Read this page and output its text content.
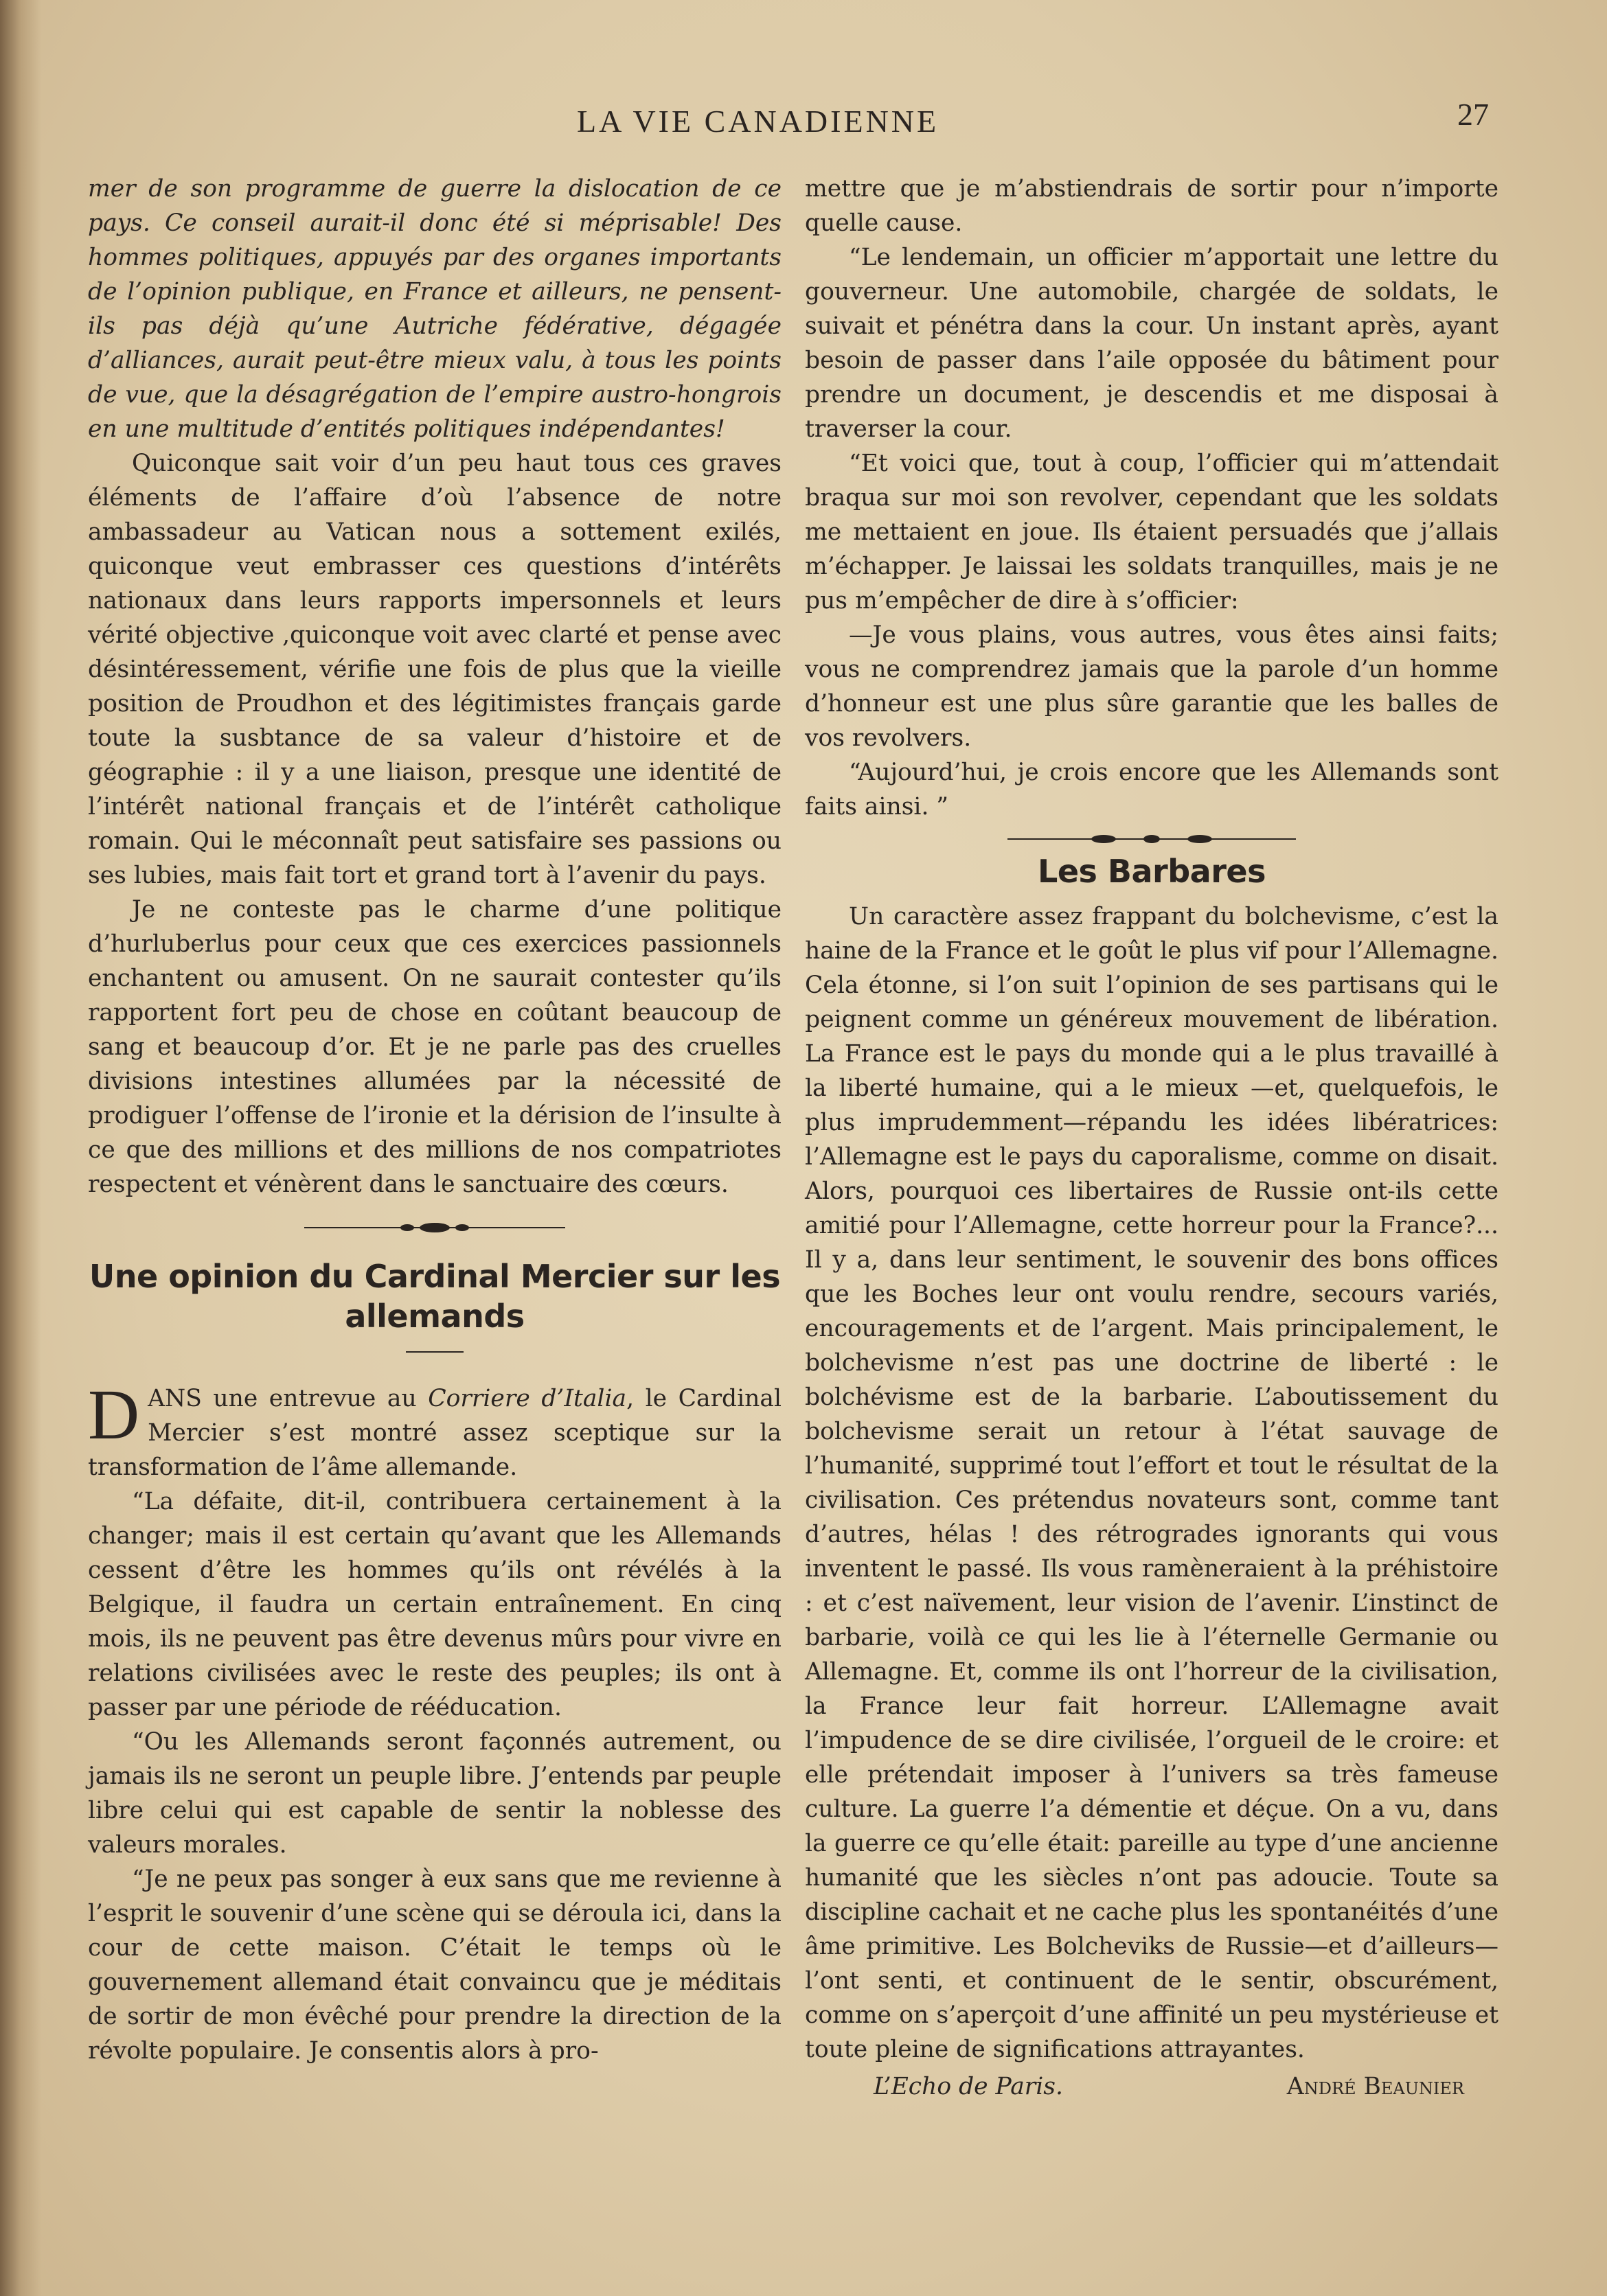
LA VIE CANADIENNE	27

mer de son programme de guerre la dislocation de ce pays. Ce conseil aurait-il donc été si méprisable! Des hommes politiques, appuyés par des organes importants de l’opinion publique, en France et ailleurs, ne pensent-ils pas déjà qu’une Autriche fédérative, dégagée d’alliances, aurait peut-être mieux valu, à tous les points de vue, que la désagrégation de l’empire austro-hongrois en une multitude d’entités politiques indépendantes!

Quiconque sait voir d’un peu haut tous ces graves éléments de l’affaire d’où l’absence de notre ambassadeur au Vatican nous a sottement exilés, quiconque veut embrasser ces questions d’intérêts nationaux dans leurs rapports impersonnels et leurs vérité objective ,quiconque voit avec clarté et pense avec désintéressement, vérifie une fois de plus que la vieille position de Proudhon et des légitimistes français garde toute la susbtance de sa valeur d’histoire et de géographie : il y a une liaison, presque une identité de l’intérêt national français et de l’intérêt catholique romain. Qui le méconnaît peut satisfaire ses passions ou ses lubies, mais fait tort et grand tort à l’avenir du pays.

Je ne conteste pas le charme d’une politique d’hurluberlus pour ceux que ces exercices passionnels enchantent ou amusent. On ne saurait contester qu’ils rapportent fort peu de chose en coûtant beaucoup de sang et beaucoup d’or. Et je ne parle pas des cruelles divisions intestines allumées par la nécessité de prodiguer l’offense de l’ironie et la dérision de l’insulte à ce que des millions et des millions de nos compatriotes respectent et vénèrent dans le sanctuaire des cœurs.

Une opinion du Cardinal Mercier sur les allemands

DANS une entrevue au Corriere d’Italia, le Cardinal Mercier s’est montré assez sceptique sur la transformation de l’âme allemande.

“La défaite, dit-il, contribuera certainement à la changer; mais il est certain qu’avant que les Allemands cessent d’être les hommes qu’ils ont révélés à la Belgique, il faudra un certain entraînement. En cinq mois, ils ne peuvent pas être devenus mûrs pour vivre en relations civilisées avec le reste des peuples; ils ont à passer par une période de rééducation.

“Ou les Allemands seront façonnés autrement, ou jamais ils ne seront un peuple libre. J’entends par peuple libre celui qui est capable de sentir la noblesse des valeurs morales.

“Je ne peux pas songer à eux sans que me revienne à l’esprit le souvenir d’une scène qui se déroula ici, dans la cour de cette maison. C’était le temps où le gouvernement allemand était convaincu que je méditais de sortir de mon évêché pour prendre la direction de la révolte populaire. Je consentis alors à pro-

mettre que je m’abstiendrais de sortir pour n’importe quelle cause.

“Le lendemain, un officier m’apportait une lettre du gouverneur. Une automobile, chargée de soldats, le suivait et pénétra dans la cour. Un instant après, ayant besoin de passer dans l’aile opposée du bâtiment pour prendre un document, je descendis et me disposai à traverser la cour.

“Et voici que, tout à coup, l’officier qui m’attendait braqua sur moi son revolver, cependant que les soldats me mettaient en joue. Ils étaient persuadés que j’allais m’échapper. Je laissai les soldats tranquilles, mais je ne pus m’empêcher de dire à s’officier:

—Je vous plains, vous autres, vous êtes ainsi faits; vous ne comprendrez jamais que la parole d’un homme d’honneur est une plus sûre garantie que les balles de vos revolvers.

“Aujourd’hui, je crois encore que les Allemands sont faits ainsi. ”

Les Barbares

Un caractère assez frappant du bolchevisme, c’est la haine de la France et le goût le plus vif pour l’Allemagne. Cela étonne, si l’on suit l’opinion de ses partisans qui le peignent comme un généreux mouvement de libération. La France est le pays du monde qui a le plus travaillé à la liberté humaine, qui a le mieux —et, quelquefois, le plus imprudemment—répandu les idées libératrices: l’Allemagne est le pays du caporalisme, comme on disait. Alors, pourquoi ces libertaires de Russie ont-ils cette amitié pour l’Allemagne, cette horreur pour la France?... Il y a, dans leur sentiment, le souvenir des bons offices que les Boches leur ont voulu rendre, secours variés, encouragements et de l’argent. Mais principalement, le bolchevisme n’est pas une doctrine de liberté : le bolchévisme est de la barbarie. L’aboutissement du bolchevisme serait un retour à l’état sauvage de l’humanité, supprimé tout l’effort et tout le résultat de la civilisation. Ces prétendus novateurs sont, comme tant d’autres, hélas ! des rétrogrades ignorants qui vous inventent le passé. Ils vous ramèneraient à la préhistoire : et c’est naïvement, leur vision de l’avenir. L’instinct de barbarie, voilà ce qui les lie à l’éternelle Germanie ou Allemagne. Et, comme ils ont l’horreur de la civilisation, la France leur fait horreur. L’Allemagne avait l’impudence de se dire civilisée, l’orgueil de le croire: et elle prétendait imposer à l’univers sa très fameuse culture. La guerre l’a démentie et déçue. On a vu, dans la guerre ce qu’elle était: pareille au type d’une ancienne humanité que les siècles n’ont pas adoucie. Toute sa discipline cachait et ne cache plus les spontanéités d’une âme primitive. Les Bolcheviks de Russie—et d’ailleurs—l’ont senti, et continuent de le sentir, obscurément, comme on s’aperçoit d’une affinité un peu mystérieuse et toute pleine de significations attrayantes.

L’Echo de Paris.	André Beaunier
